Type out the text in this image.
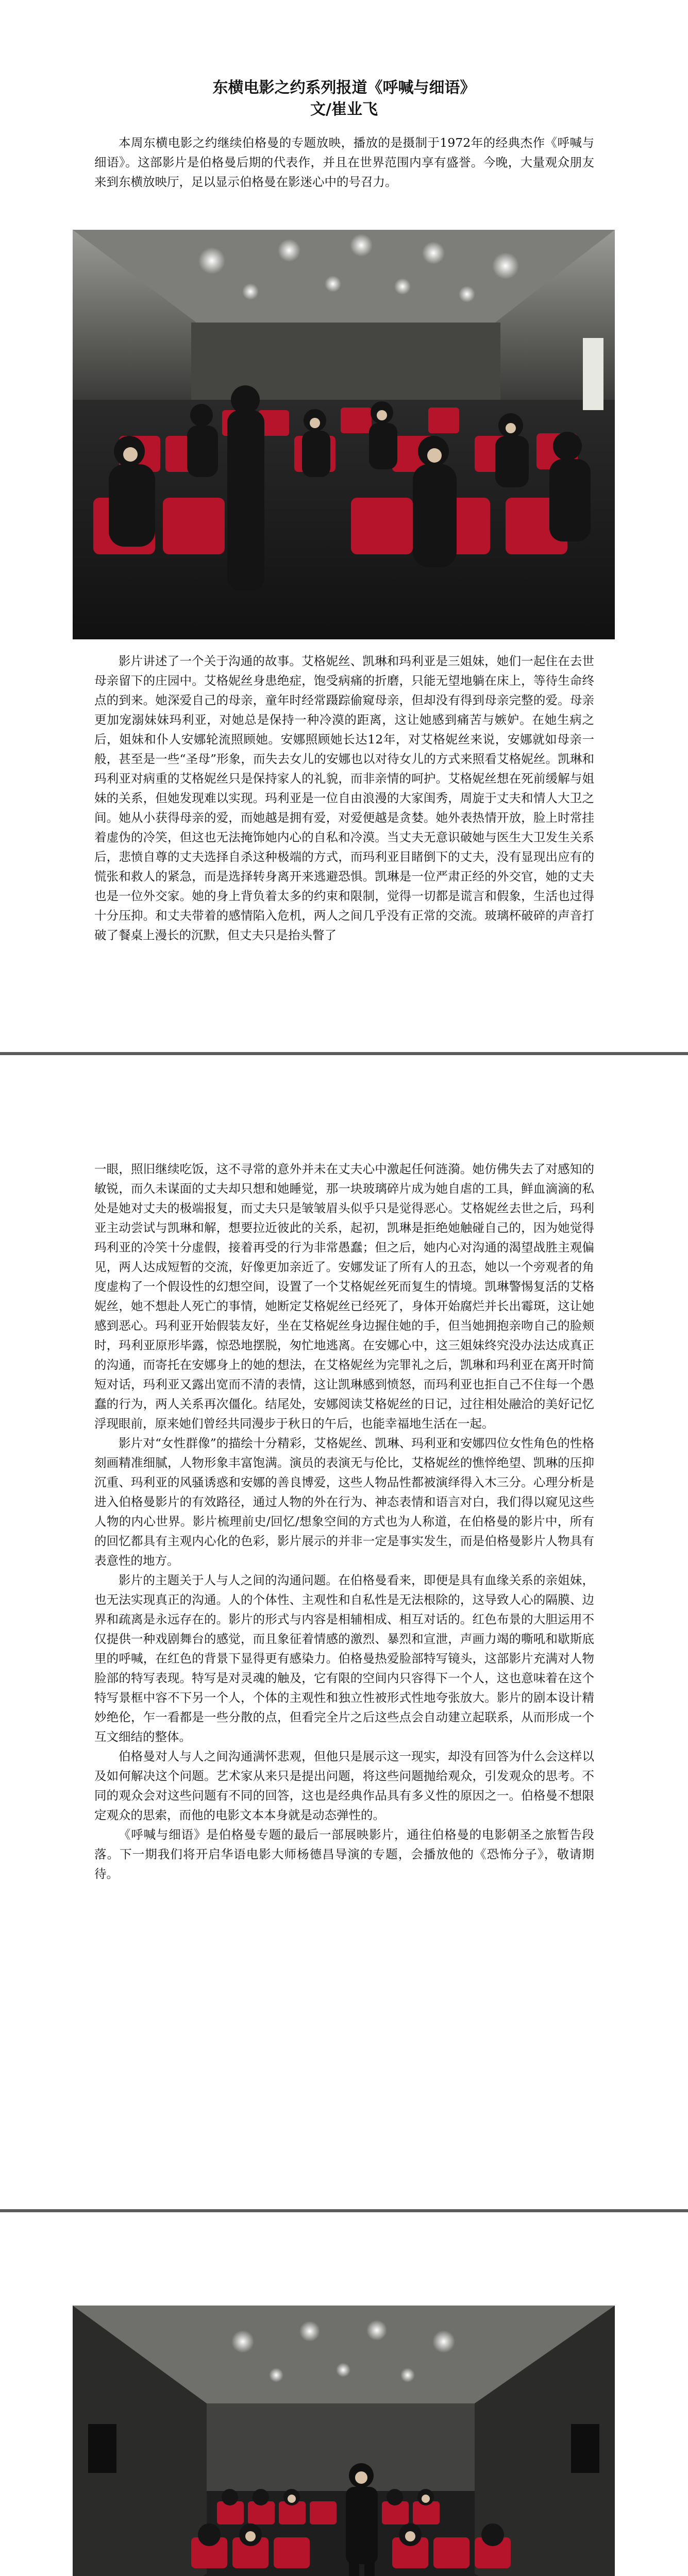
东横电影之约系列报道《呼喊与细语》

文/崔业飞

本周东横电影之约继续伯格曼的专题放映，播放的是摄制于1972年的经典杰作《呼喊与细语》。这部影片是伯格曼后期的代表作，并且在世界范围内享有盛誉。今晚，大量观众朋友来到东横放映厅，足以显示伯格曼在影迷心中的号召力。

影片讲述了一个关于沟通的故事。艾格妮丝、凯琳和玛利亚是三姐妹，她们一起住在去世母亲留下的庄园中。艾格妮丝身患绝症，饱受病痛的折磨，只能无望地躺在床上，等待生命终点的到来。她深爱自己的母亲，童年时经常蹑踪偷窥母亲，但却没有得到母亲完整的爱。母亲更加宠溺妹妹玛利亚，对她总是保持一种冷漠的距离，这让她感到痛苦与嫉妒。在她生病之后，姐妹和仆人安娜轮流照顾她。安娜照顾她长达12年，对艾格妮丝来说，安娜就如母亲一般，甚至是一些“圣母”形象，而失去女儿的安娜也以对待女儿的方式来照看艾格妮丝。凯琳和玛利亚对病重的艾格妮丝只是保持家人的礼貌，而非亲情的呵护。艾格妮丝想在死前缓解与姐妹的关系，但她发现难以实现。玛利亚是一位自由浪漫的大家闺秀，周旋于丈夫和情人大卫之间。她从小获得母亲的爱，而她越是拥有爱，对爱便越是贪婪。她外表热情开放，脸上时常挂着虚伪的冷笑，但这也无法掩饰她内心的自私和冷漠。当丈夫无意识破她与医生大卫发生关系后，悲愤自尊的丈夫选择自杀这种极端的方式，而玛利亚目睹倒下的丈夫，没有显现出应有的慌张和救人的紧急，而是选择转身离开来逃避恐惧。凯琳是一位严肃正经的外交官，她的丈夫也是一位外交家。她的身上背负着太多的约束和限制，觉得一切都是谎言和假象，生活也过得十分压抑。和丈夫带着的感情陷入危机，两人之间几乎没有正常的交流。玻璃杯破碎的声音打破了餐桌上漫长的沉默，但丈夫只是抬头瞥了

一眼，照旧继续吃饭，这不寻常的意外并未在丈夫心中激起任何涟漪。她仿佛失去了对感知的敏锐，而久未谋面的丈夫却只想和她睡觉，那一块玻璃碎片成为她自虐的工具，鲜血滴滴的私处是她对丈夫的极端报复，而丈夫只是皱皱眉头似乎只是觉得恶心。艾格妮丝去世之后，玛利亚主动尝试与凯琳和解，想要拉近彼此的关系，起初，凯琳是拒绝她触碰自己的，因为她觉得玛利亚的冷笑十分虚假，接着再受的行为非常愚蠢；但之后，她内心对沟通的渴望战胜主观偏见，两人达成短暂的交流，好像更加亲近了。安娜发证了所有人的丑态，她以一个旁观者的角度虚构了一个假设性的幻想空间，设置了一个艾格妮丝死而复生的情境。凯琳警惕复活的艾格妮丝，她不想赴人死亡的事情，她断定艾格妮丝已经死了，身体开始腐烂并长出霉斑，这让她感到恶心。玛利亚开始假装友好，坐在艾格妮丝身边握住她的手，但当她拥抱亲吻自己的脸颊时，玛利亚原形毕露，惊恐地摆脱，匆忙地逃离。在安娜心中，这三姐妹终究没办法达成真正的沟通，而寄托在安娜身上的她的想法，在艾格妮丝为完罪礼之后，凯琳和玛利亚在离开时简短对话，玛利亚又露出宽而不清的表情，这让凯琳感到愤怒，而玛利亚也拒自己不住每一个愚蠢的行为，两人关系再次僵化。结尾处，安娜阅读艾格妮丝的日记，过往相处融洽的美好记忆浮现眼前，原来她们曾经共同漫步于秋日的午后，也能幸福地生活在一起。

影片对“女性群像”的描绘十分精彩，艾格妮丝、凯琳、玛利亚和安娜四位女性角色的性格刻画精准细腻，人物形象丰富饱满。演员的表演无与伦比，艾格妮丝的憔悴绝望、凯琳的压抑沉重、玛利亚的风骚诱惑和安娜的善良博爱，这些人物品性都被演绎得入木三分。心理分析是进入伯格曼影片的有效路径，通过人物的外在行为、神态表情和语言对白，我们得以窥见这些人物的内心世界。影片梳理前史/回忆/想象空间的方式也为人称道，在伯格曼的影片中，所有的回忆都具有主观内心化的色彩，影片展示的并非一定是事实发生，而是伯格曼影片人物具有表意性的地方。

影片的主题关于人与人之间的沟通问题。在伯格曼看来，即便是具有血缘关系的亲姐妹，也无法实现真正的沟通。人的个体性、主观性和自私性是无法根除的，这导致人心的隔膜、边界和疏离是永远存在的。影片的形式与内容是相辅相成、相互对话的。红色布景的大胆运用不仅提供一种戏剧舞台的感觉，而且象征着情感的激烈、暴烈和宣泄，声画力竭的嘶吼和歇斯底里的呼喊，在红色的背景下显得更有感染力。伯格曼热爱脸部特写镜头，这部影片充满对人物脸部的特写表现。特写是对灵魂的触及，它有限的空间内只容得下一个人，这也意味着在这个特写景框中容不下另一个人，个体的主观性和独立性被形式性地夸张放大。影片的剧本设计精妙绝伦，乍一看都是一些分散的点，但看完全片之后这些点会自动建立起联系，从而形成一个互文细结的整体。

伯格曼对人与人之间沟通满怀悲观，但他只是展示这一现实，却没有回答为什么会这样以及如何解决这个问题。艺术家从来只是提出问题，将这些问题抛给观众，引发观众的思考。不同的观众会对这些问题有不同的回答，这也是经典作品具有多义性的原因之一。伯格曼不想限定观众的思索，而他的电影文本本身就是动态弹性的。

《呼喊与细语》是伯格曼专题的最后一部展映影片，通往伯格曼的电影朝圣之旅暂告段落。下一期我们将开启华语电影大师杨德昌导演的专题，会播放他的《恐怖分子》，敬请期待。
